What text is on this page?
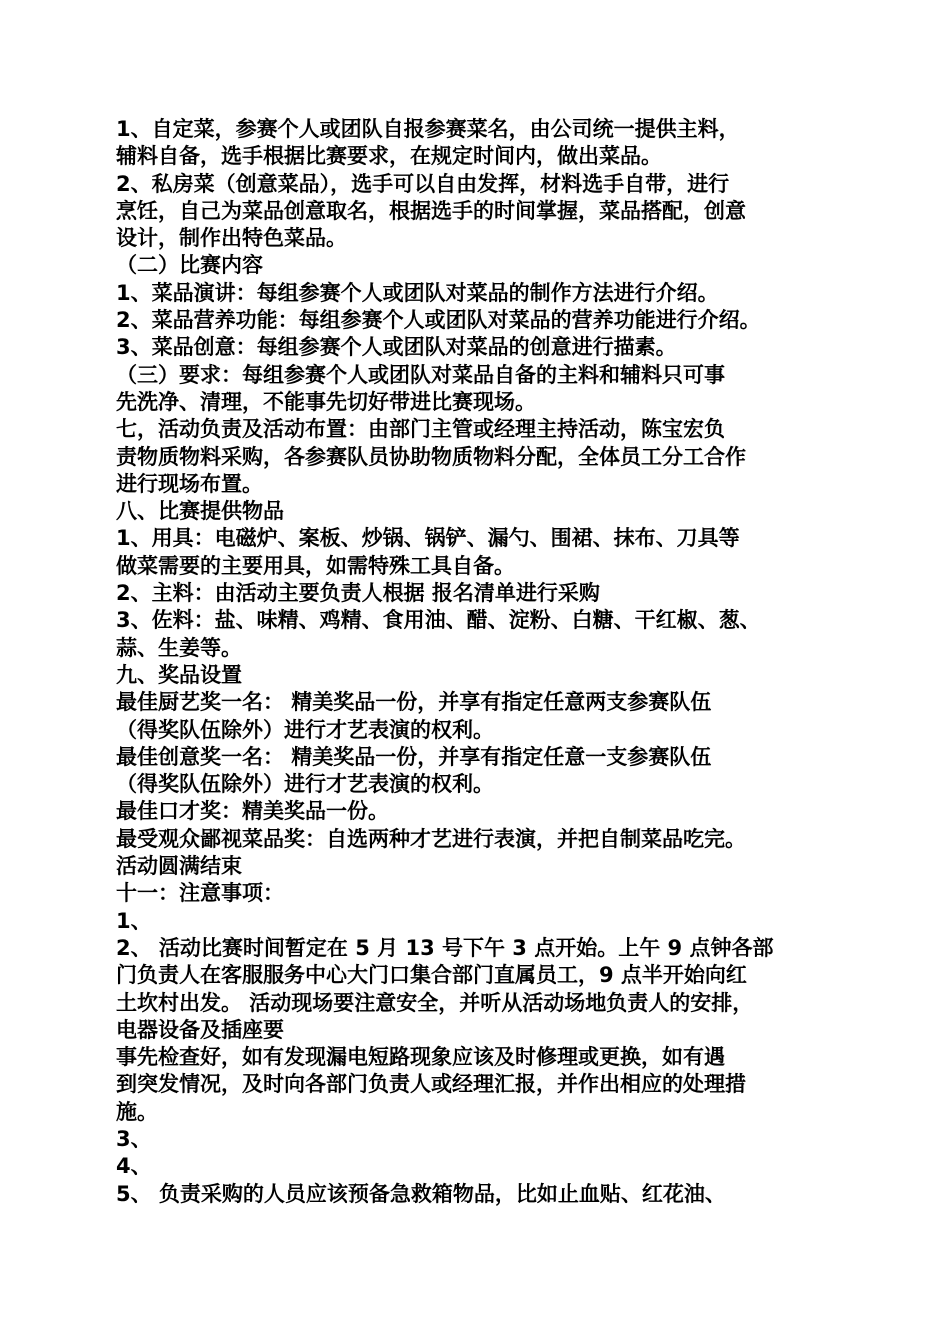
1、自定菜，参赛个人或团队自报参赛菜名，由公司统一提供主料，
辅料自备，选手根据比赛要求，在规定时间内，做出菜品。
2、私房菜（创意菜品），选手可以自由发挥，材料选手自带，进行
烹饪，自己为菜品创意取名，根据选手的时间掌握，菜品搭配，创意
设计，制作出特色菜品。
（二）比赛内容
1、菜品演讲：每组参赛个人或团队对菜品的制作方法进行介绍。
2、菜品营养功能：每组参赛个人或团队对菜品的营养功能进行介绍。
3、菜品创意：每组参赛个人或团队对菜品的创意进行描素。
（三）要求：每组参赛个人或团队对菜品自备的主料和辅料只可事
先洗净、清理，不能事先切好带进比赛现场。
七，活动负责及活动布置：由部门主管或经理主持活动，陈宝宏负
责物质物料采购，各参赛队员协助物质物料分配，全体员工分工合作
进行现场布置。
八、比赛提供物品
1、用具：电磁炉、案板、炒锅、锅铲、漏勺、围裙、抹布、刀具等
做菜需要的主要用具，如需特殊工具自备。
2、主料：由活动主要负责人根据 报名清单进行采购
3、佐料：盐、味精、鸡精、食用油、醋、淀粉、白糖、干红椒、葱、
蒜、生姜等。
九、奖品设置
最佳厨艺奖一名： 精美奖品一份，并享有指定任意两支参赛队伍
（得奖队伍除外）进行才艺表演的权利。
最佳创意奖一名： 精美奖品一份，并享有指定任意一支参赛队伍
（得奖队伍除外）进行才艺表演的权利。
最佳口才奖：精美奖品一份。
最受观众鄙视菜品奖：自选两种才艺进行表演，并把自制菜品吃完。
活动圆满结束
十一：注意事项：
1、
2、 活动比赛时间暂定在 5 月 13 号下午 3 点开始。上午 9 点钟各部
门负责人在客服服务中心大门口集合部门直属员工，9 点半开始向红
土坎村出发。 活动现场要注意安全，并听从活动场地负责人的安排，
电器设备及插座要
事先检查好，如有发现漏电短路现象应该及时修理或更换，如有遇
到突发情况，及时向各部门负责人或经理汇报，并作出相应的处理措
施。
3、
4、
5、 负责采购的人员应该预备急救箱物品，比如止血贴、红花油、
